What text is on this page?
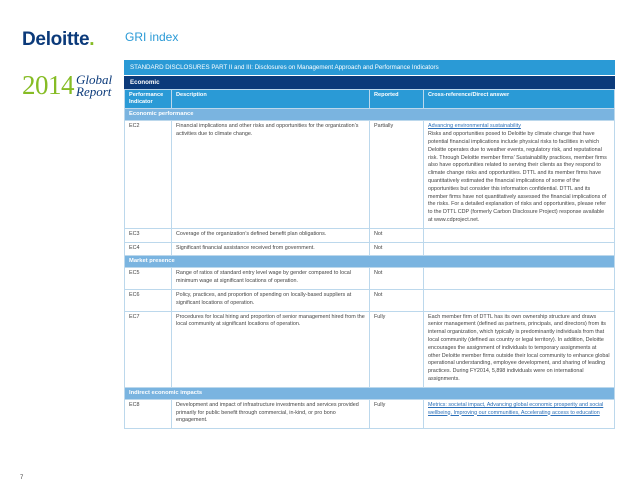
Deloitte.	GRI index
2014 Global
Report
STANDARD DISCLOSURES PART II and III: Disclosures on Management Approach and Performance Indicators
Economic
Performance Indicator	Description	Reported	Cross-reference/Direct answer
Economic performance			
EC2	Financial implications and other risks and opportunities for the organization’s activities due to climate change.	Partially	Advancing environmental sustainability
Risks and opportunities posed to Deloitte by climate change that have potential financial implications include physical risks to facilities in which Deloitte operates due to weather events, regulatory risk, and reputational risk. Through Deloitte member firms’ Sustainability practices, member firms also have opportunities related to serving their clients as they respond to climate change risks and opportunities. DTTL and its member firms have quantitatively estimated the financial implications of some of the opportunities but consider this information confidential. DTTL and its member firms have not quantitatively assessed the financial implications of the risks. For a detailed explanation of risks and opportunities, please refer to the DTTL CDP (formerly Carbon Disclosure Project) response available at www.cdproject.net.
EC3	Coverage of the organization’s defined benefit plan obligations.	Not	
EC4	Significant financial assistance received from government.	Not	
Market presence			
EC5	Range of ratios of standard entry level wage by gender compared to local minimum wage at significant locations of operation.	Not	
EC6	Policy, practices, and proportion of spending on locally-based suppliers at significant locations of operation.	Not	
EC7	Procedures for local hiring and proportion of senior management hired from the local community at significant locations of operation.	Fully	Each member firm of DTTL has its own ownership structure and draws senior management (defined as partners, principals, and directors) from its internal organization, which typically is predominantly individuals from that local community (defined as country or legal territory). In addition, Deloitte encourages the assignment of individuals to temporary assignments at other Deloitte member firms outside their local community to enhance global operational understanding, employee development, and sharing of leading practices. During FY2014, 5,898 individuals were on international assignments.
Indirect economic impacts			
EC8	Development and impact of infrastructure investments and services provided primarily for public benefit through commercial, in-kind, or pro bono engagement.	Fully	Metrics: societal impact, Advancing global economic prosperity and social wellbeing, Improving our communities, Accelerating access to education

7
